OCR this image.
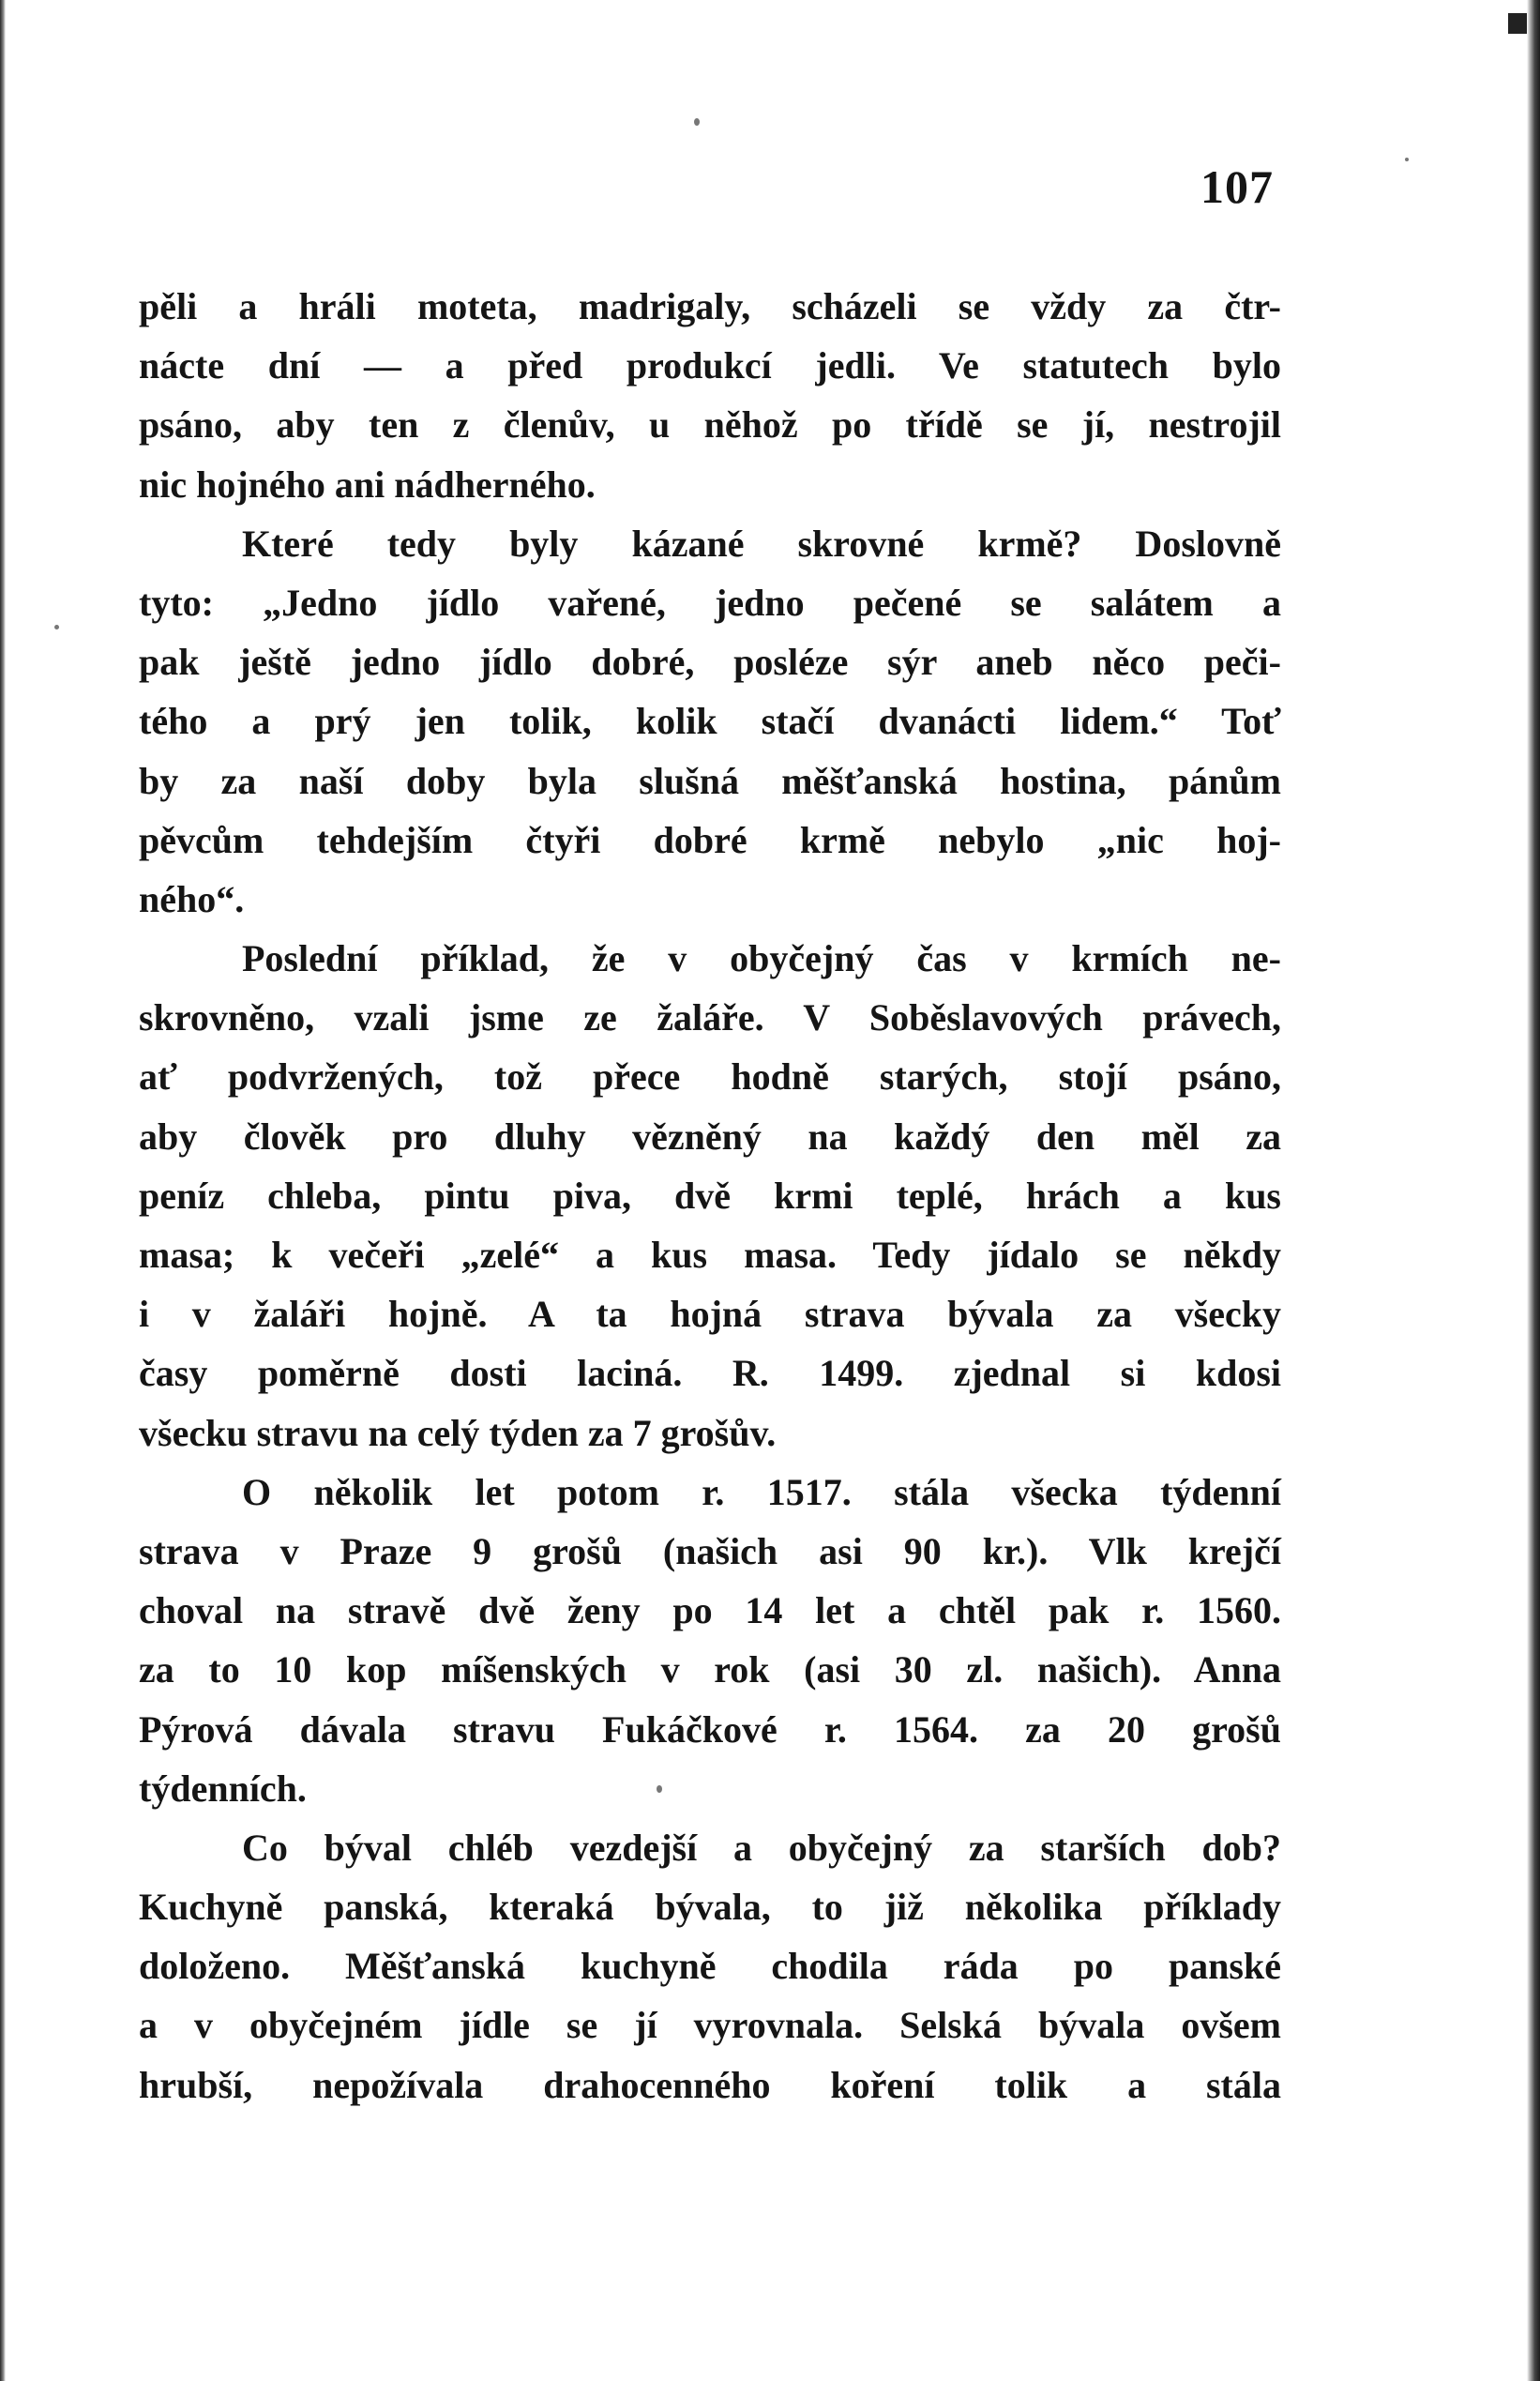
107
pěli a hráli moteta, madrigaly, scházeli se vždy za čtr-
nácte dní — a před produkcí jedli. Ve statutech bylo
psáno, aby ten z členův, u něhož po třídě se jí, nestrojil
nic hojného ani nádherného.
Které tedy byly kázané skrovné krmě? Doslovně
tyto: „Jedno jídlo vařené, jedno pečené se salátem a
pak ještě jedno jídlo dobré, posléze sýr aneb něco peči-
tého a prý jen tolik, kolik stačí dvanácti lidem.“ Toť
by za naší doby byla slušná měšťanská hostina, pánům
pěvcům tehdejším čtyři dobré krmě nebylo „nic hoj-
ného“.
Poslední příklad, že v obyčejný čas v krmích ne-
skrovněno, vzali jsme ze žaláře. V Soběslavových právech,
ať podvržených, tož přece hodně starých, stojí psáno,
aby člověk pro dluhy vězněný na každý den měl za
peníz chleba, pintu piva, dvě krmi teplé, hrách a kus
masa; k večeři „zelé“ a kus masa. Tedy jídalo se někdy
i v žaláři hojně. A ta hojná strava bývala za všecky
časy poměrně dosti laciná. R. 1499. zjednal si kdosi
všecku stravu na celý týden za 7 grošův.
O několik let potom r. 1517. stála všecka týdenní
strava v Praze 9 grošů (našich asi 90 kr.). Vlk krejčí
choval na stravě dvě ženy po 14 let a chtěl pak r. 1560.
za to 10 kop míšenských v rok (asi 30 zl. našich). Anna
Pýrová dávala stravu Fukáčkové r. 1564. za 20 grošů
týdenních.
Co býval chléb vezdejší a obyčejný za starších dob?
Kuchyně panská, kteraká bývala, to již několika příklady
doloženo. Měšťanská kuchyně chodila ráda po panské
a v obyčejném jídle se jí vyrovnala. Selská bývala ovšem
hrubší, nepožívala drahocenného koření tolik a stála
